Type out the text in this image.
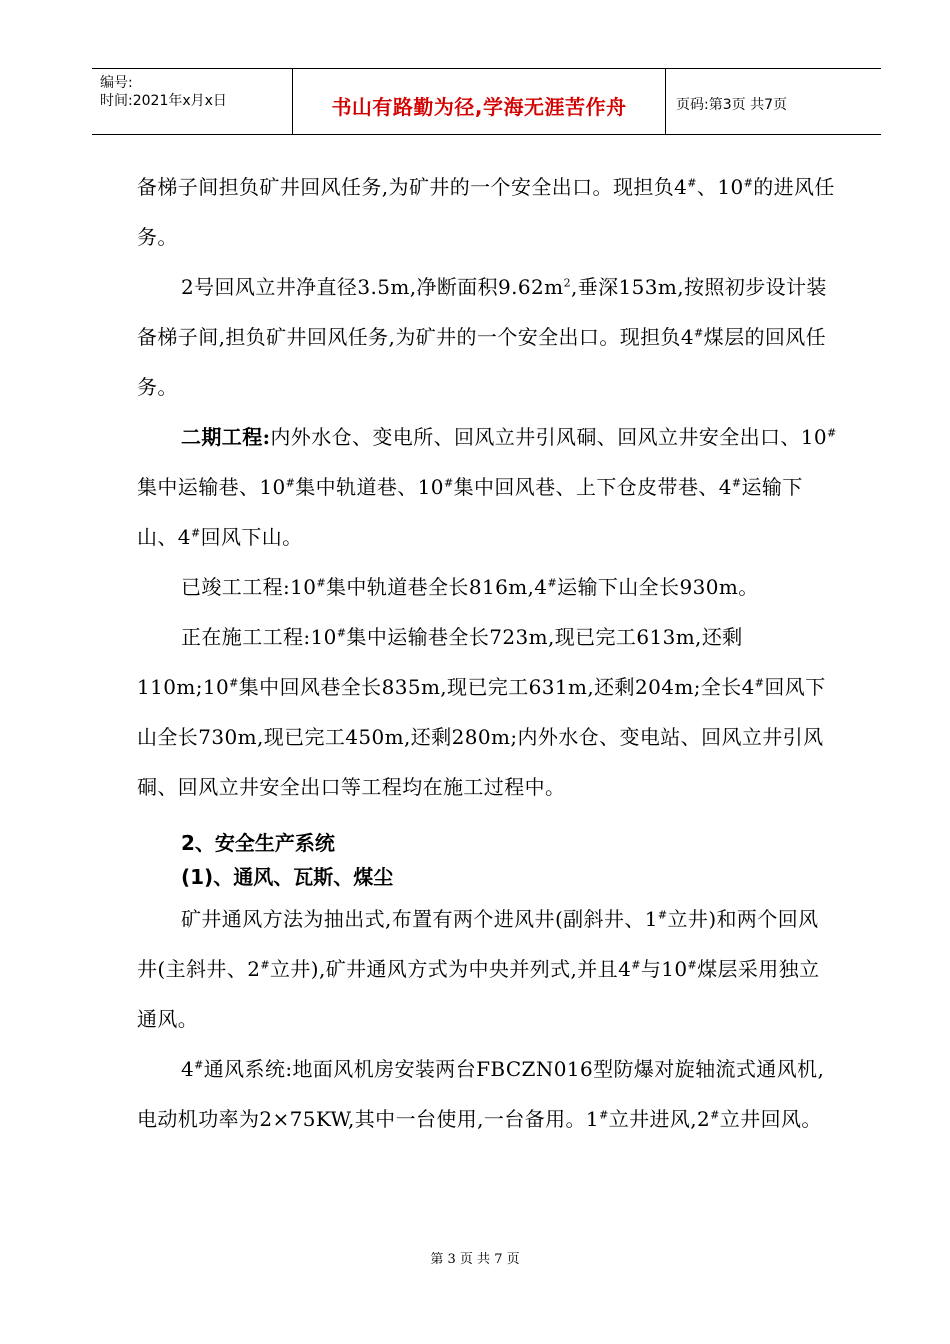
编号:
时间:2021年x月x日	书山有路勤为径,学海无涯苦作舟	页码:第3页 共7页

备梯子间担负矿井回风任务,为矿井的一个安全出口。现担负4#、10#的进风任务。

2号回风立井净直径3.5m,净断面积$9.62m^2$,垂深153m,按照初步设计装备梯子间,担负矿井回风任务,为矿井的一个安全出口。现担负4#煤层的回风任务。

二期工程:内外水仓、变电所、回风立井引风硐、回风立井安全出口、10#集中运输巷、10#集中轨道巷、10#集中回风巷、上下仓皮带巷、4#运输下山、4#回风下山。

已竣工工程:10#集中轨道巷全长816m,4#运输下山全长930m。

正在施工工程:10#集中运输巷全长723m,现已完工613m,还剩110m;10#集中回风巷全长835m,现已完工631m,还剩204m;全长4#回风下山全长730m,现已完工450m,还剩280m;内外水仓、变电站、回风立井引风硐、回风立井安全出口等工程均在施工过程中。

2、安全生产系统

(1)、通风、瓦斯、煤尘

矿井通风方法为抽出式,布置有两个进风井(副斜井、1#立井)和两个回风井(主斜井、2#立井),矿井通风方式为中央并列式,并且4#与10#煤层采用独立通风。

4#通风系统:地面风机房安装两台FBCZN016型防爆对旋轴流式通风机,电动机功率为2×75KW,其中一台使用,一台备用。1#立井进风,2#立井回风。

第 3 页 共 7 页
